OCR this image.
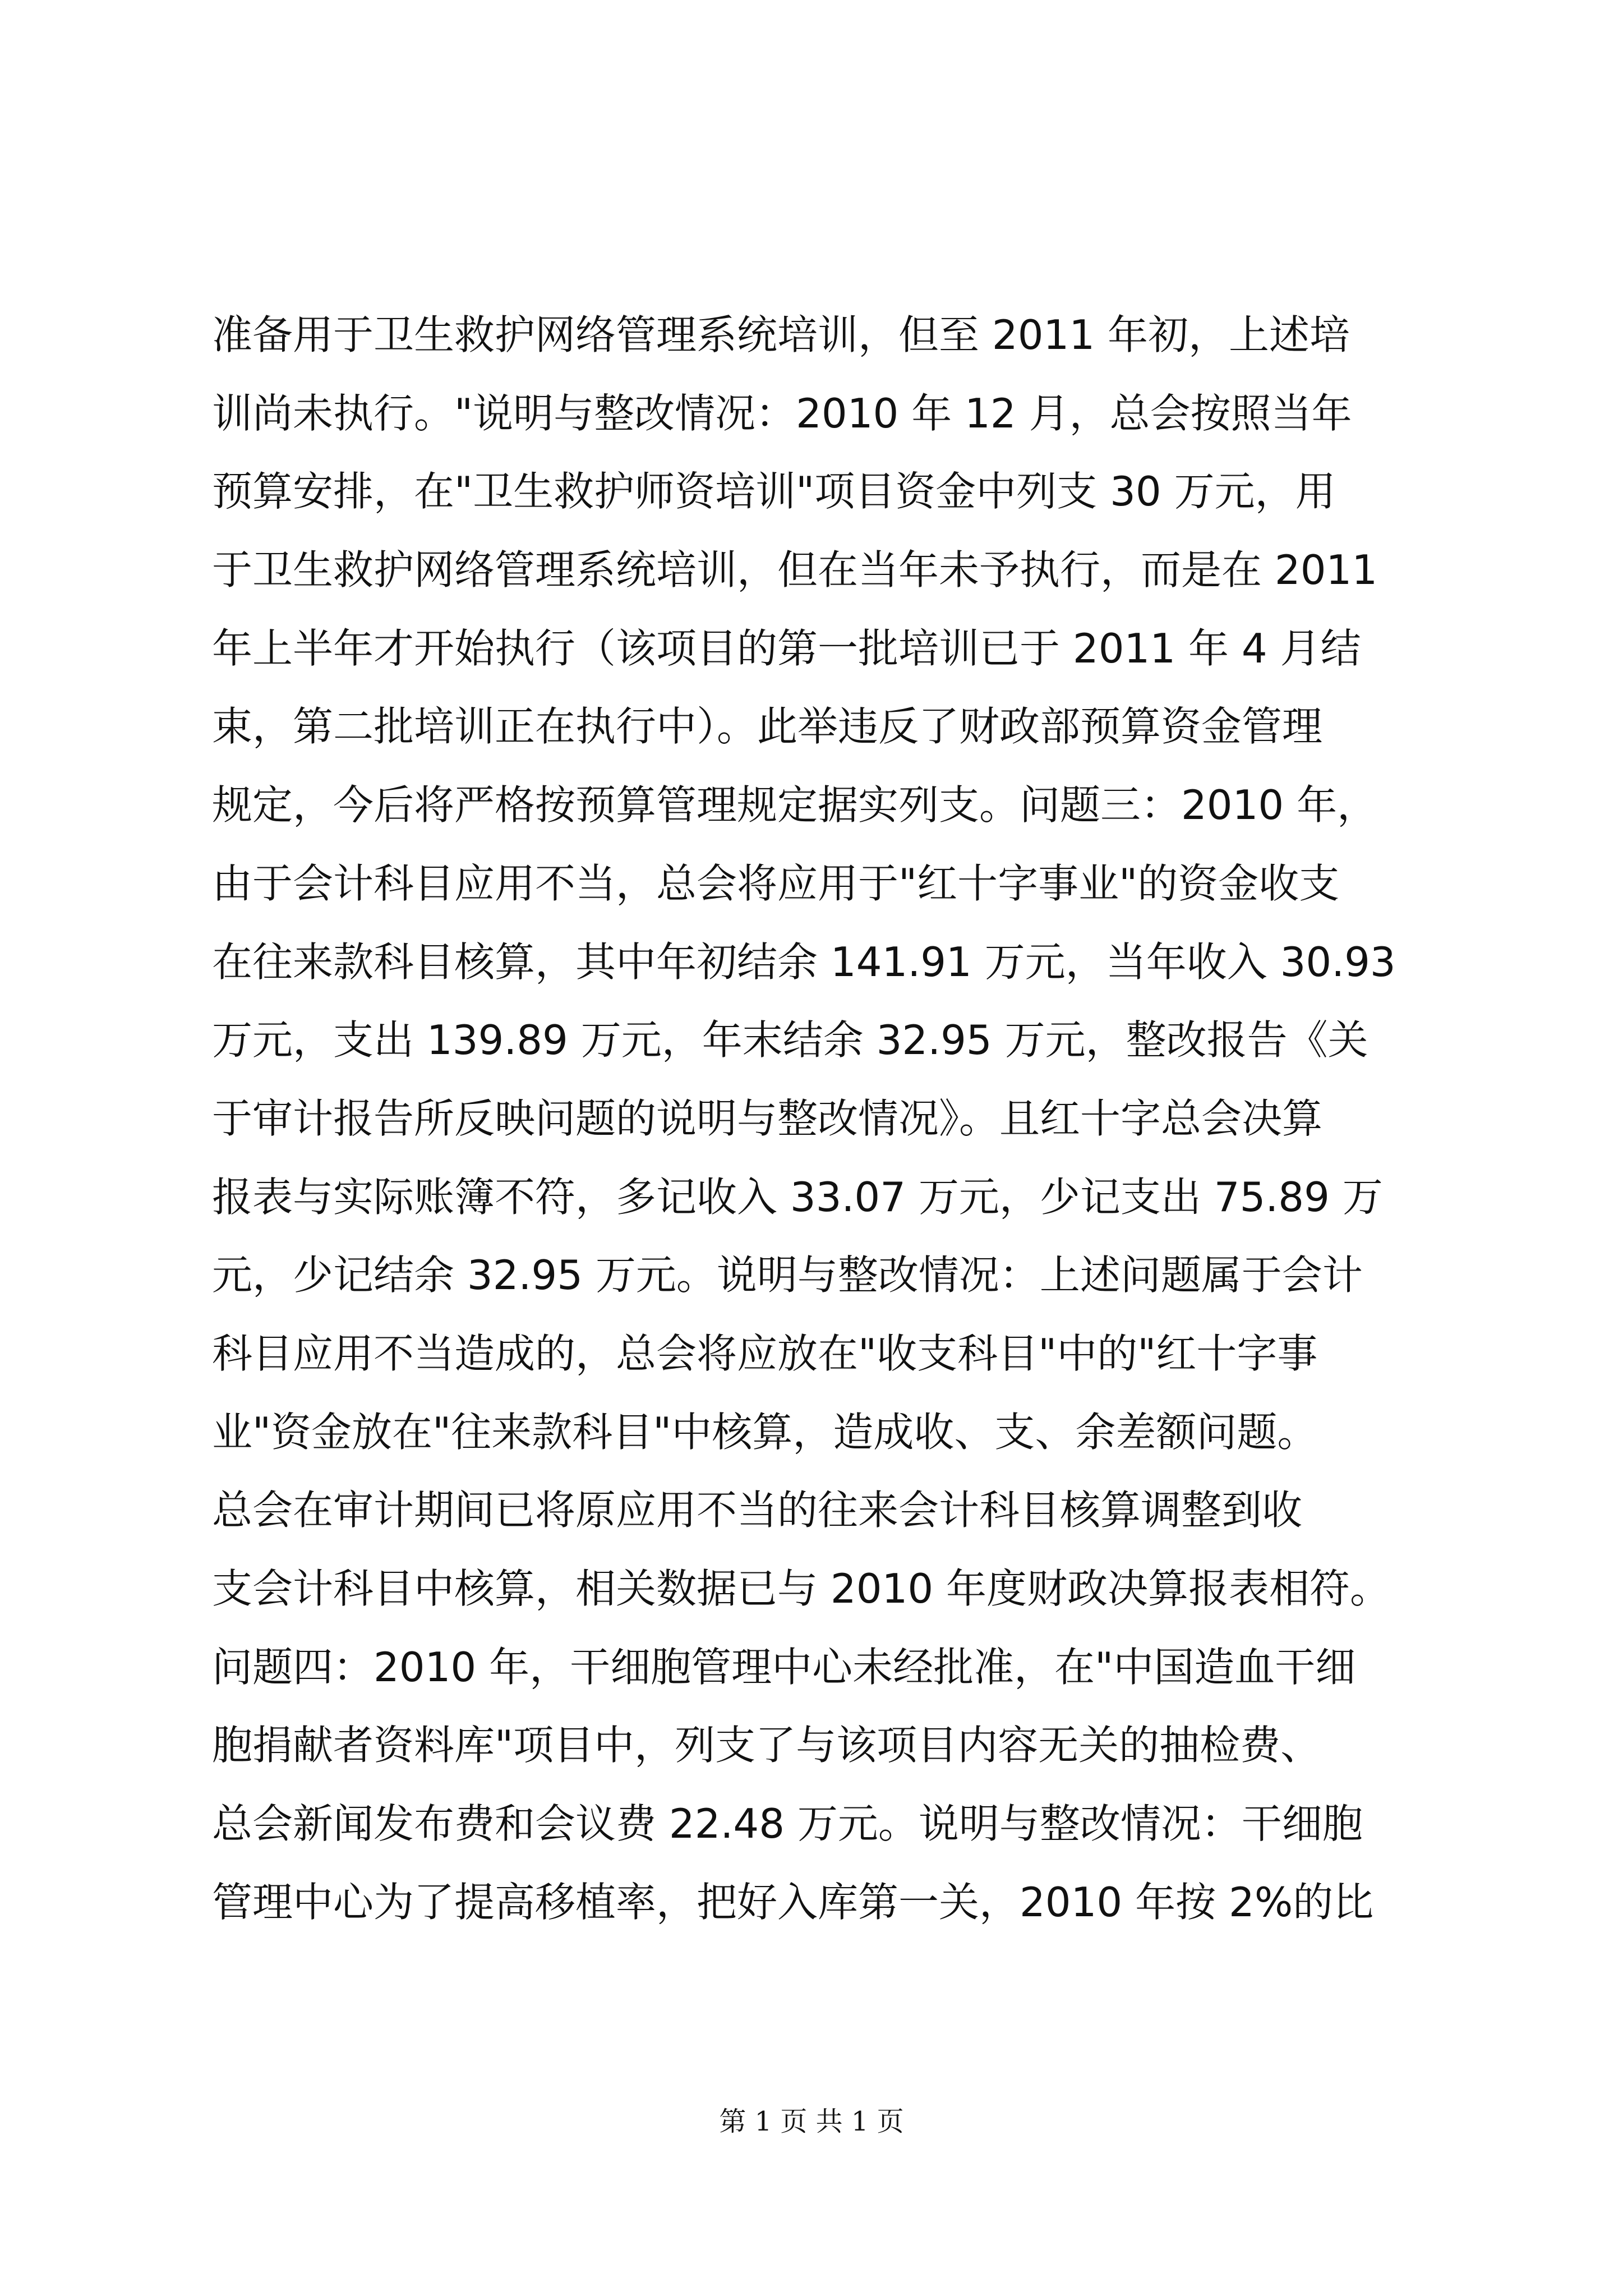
准备用于卫生救护网络管理系统培训，但至 2011 年初，上述培
训尚未执行。"说明与整改情况：2010 年 12 月，总会按照当年
预算安排，在"卫生救护师资培训"项目资金中列支 30 万元，用
于卫生救护网络管理系统培训，但在当年未予执行，而是在 2011
年上半年才开始执行（该项目的第一批培训已于 2011 年 4 月结
束，第二批培训正在执行中）。此举违反了财政部预算资金管理
规定，今后将严格按预算管理规定据实列支。问题三：2010 年，
由于会计科目应用不当，总会将应用于"红十字事业"的资金收支
在往来款科目核算，其中年初结余 141.91 万元，当年收入 30.93
万元，支出 139.89 万元，年末结余 32.95 万元，整改报告《关
于审计报告所反映问题的说明与整改情况》。且红十字总会决算
报表与实际账簿不符，多记收入 33.07 万元，少记支出 75.89 万
元，少记结余 32.95 万元。说明与整改情况：上述问题属于会计
科目应用不当造成的，总会将应放在"收支科目"中的"红十字事
业"资金放在"往来款科目"中核算，造成收、支、余差额问题。
总会在审计期间已将原应用不当的往来会计科目核算调整到收
支会计科目中核算，相关数据已与 2010 年度财政决算报表相符。
问题四：2010 年，干细胞管理中心未经批准，在"中国造血干细
胞捐献者资料库"项目中，列支了与该项目内容无关的抽检费、
总会新闻发布费和会议费 22.48 万元。说明与整改情况：干细胞
管理中心为了提高移植率，把好入库第一关，2010 年按 2%的比
第 1 页 共 1 页
